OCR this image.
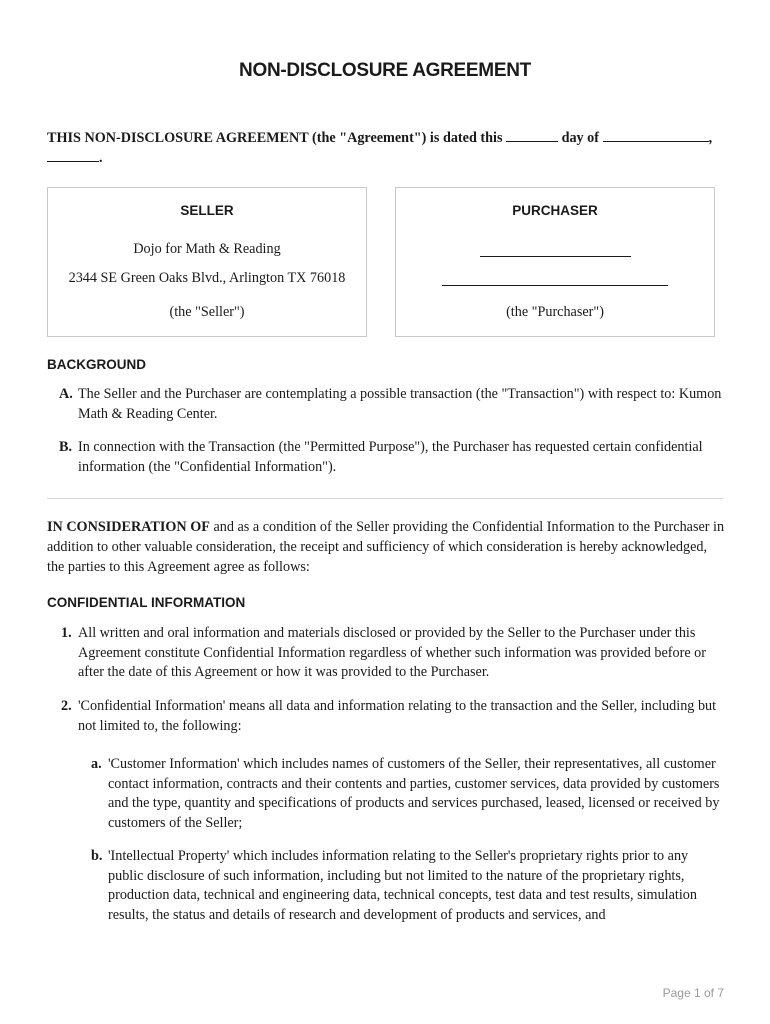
NON-DISCLOSURE AGREEMENT
THIS NON-DISCLOSURE AGREEMENT (the "Agreement") is dated this	day of	,
.
SELLER
Dojo for Math & Reading
2344 SE Green Oaks Blvd., Arlington TX 76018
(the "Seller")
PURCHASER
(the "Purchaser")
BACKGROUND
A. The Seller and the Purchaser are contemplating a possible transaction (the "Transaction") with respect to: Kumon Math & Reading Center.
B. In connection with the Transaction (the "Permitted Purpose"), the Purchaser has requested certain confidential information (the "Confidential Information").
IN CONSIDERATION OF and as a condition of the Seller providing the Confidential Information to the Purchaser in addition to other valuable consideration, the receipt and sufficiency of which consideration is hereby acknowledged, the parties to this Agreement agree as follows:
CONFIDENTIAL INFORMATION
1. All written and oral information and materials disclosed or provided by the Seller to the Purchaser under this Agreement constitute Confidential Information regardless of whether such information was provided before or after the date of this Agreement or how it was provided to the Purchaser.
2. 'Confidential Information' means all data and information relating to the transaction and the Seller, including but not limited to, the following:
a. 'Customer Information' which includes names of customers of the Seller, their representatives, all customer contact information, contracts and their contents and parties, customer services, data provided by customers and the type, quantity and specifications of products and services purchased, leased, licensed or received by customers of the Seller;
b. 'Intellectual Property' which includes information relating to the Seller's proprietary rights prior to any public disclosure of such information, including but not limited to the nature of the proprietary rights, production data, technical and engineering data, technical concepts, test data and test results, simulation results, the status and details of research and development of products and services, and
Page 1 of 7
